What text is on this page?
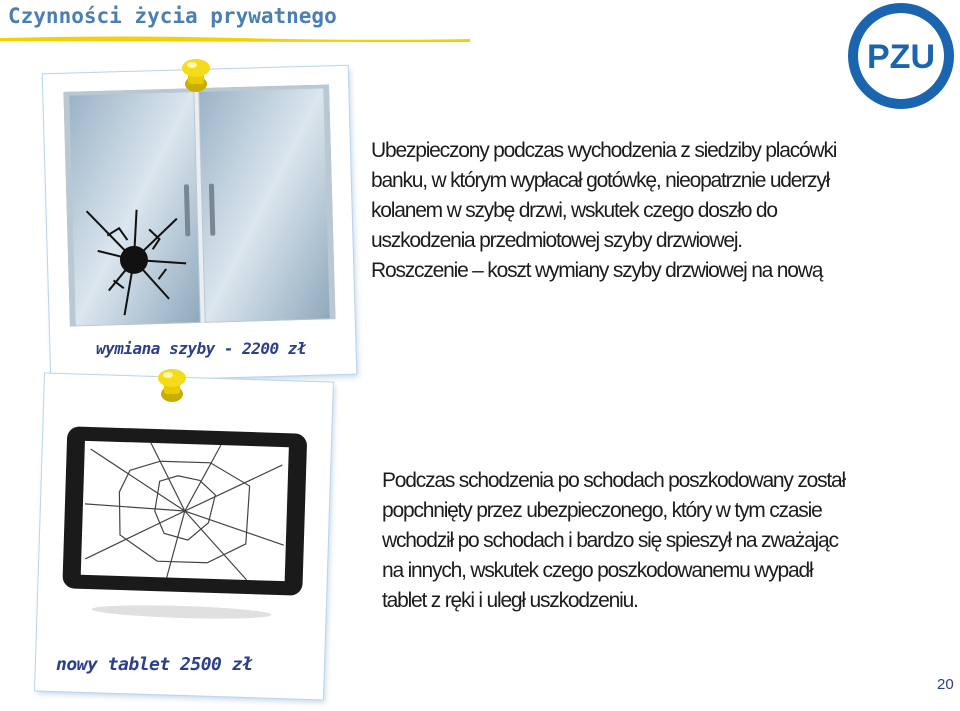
Czynności życia prywatnego
PZU
wymiana szyby - 2200 zł
nowy tablet 2500 zł
Ubezpieczony podczas wychodzenia z siedziby placówki
banku, w którym wypłacał gotówkę, nieopatrznie uderzył
kolanem w szybę drzwi, wskutek czego doszło do
uszkodzenia przedmiotowej szyby drzwiowej.
Roszczenie – koszt wymiany szyby drzwiowej na nową
Podczas schodzenia po schodach poszkodowany został
popchnięty przez ubezpieczonego, który w tym czasie
wchodził po schodach i bardzo się spieszył na zważając
na innych, wskutek czego poszkodowanemu wypadł
tablet z ręki i uległ uszkodzeniu.
20
